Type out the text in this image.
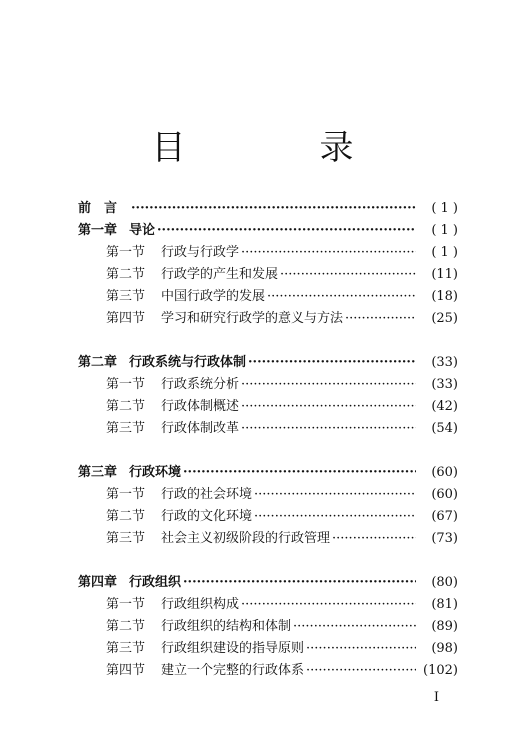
目　录
前　言 ·····	( 1 )
第一章 导论 ·····	( 1 )
第一节 行政与行政学 ·····	( 1 )
第二节 行政学的产生和发展 ·····	(11)
第三节 中国行政学的发展 ·····	(18)
第四节 学习和研究行政学的意义与方法 ·····	(25)
第二章 行政系统与行政体制 ·····	(33)
第一节 行政系统分析 ·····	(33)
第二节 行政体制概述 ·····	(42)
第三节 行政体制改革 ·····	(54)
第三章 行政环境 ·····	(60)
第一节 行政的社会环境 ·····	(60)
第二节 行政的文化环境 ·····	(67)
第三节 社会主义初级阶段的行政管理 ·····	(73)
第四章 行政组织 ·····	(80)
第一节 行政组织构成 ·····	(81)
第二节 行政组织的结构和体制 ·····	(89)
第三节 行政组织建设的指导原则 ·····	(98)
第四节 建立一个完整的行政体系 ·····	(102)
I
